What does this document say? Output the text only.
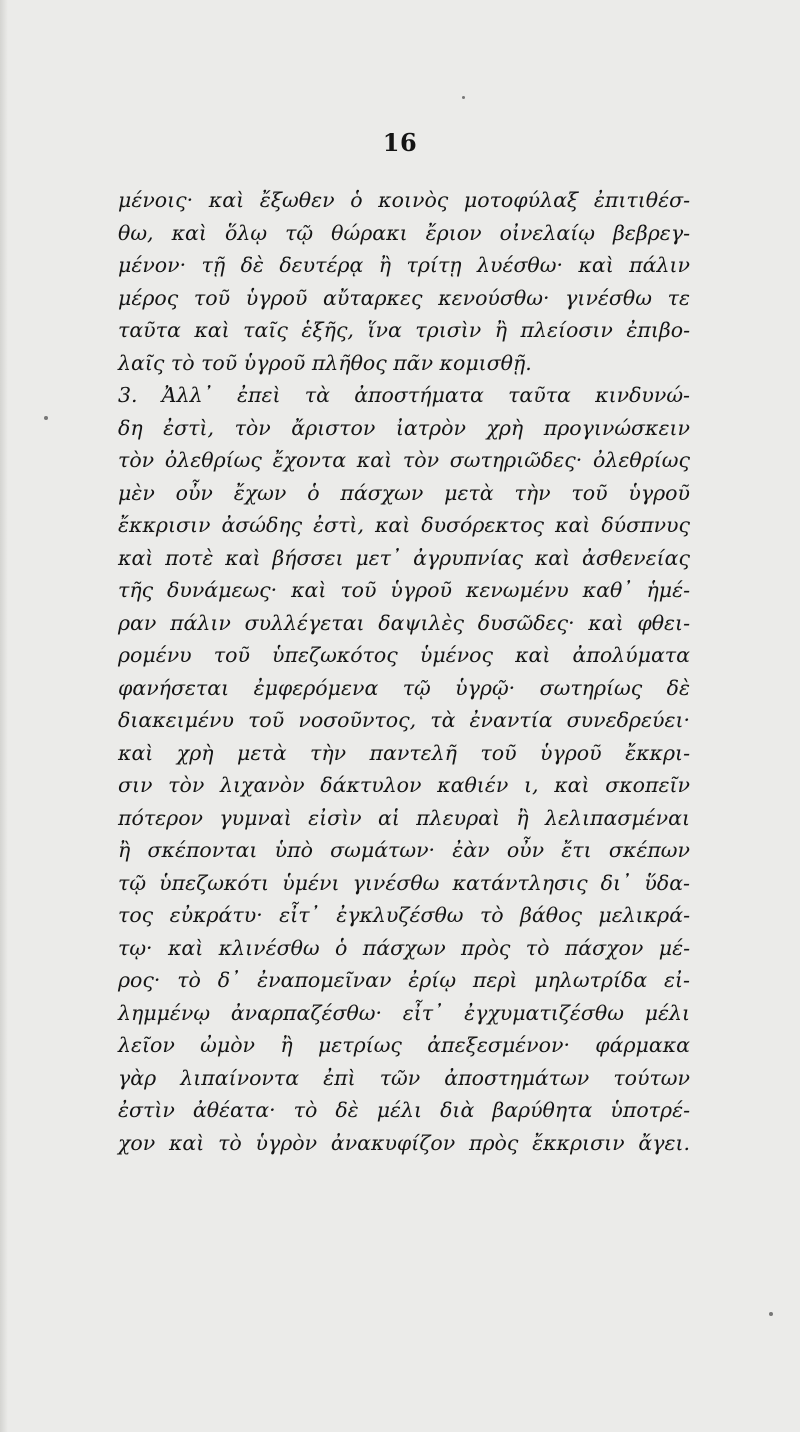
16
μένοις· καὶ ἔξωθεν ὁ κοινὸς μοτοφύλαξ ἐπιτιθέσ-
θω, καὶ ὅλῳ τῷ θώρακι ἔριον οἰνελαίῳ βεβρεγ-
μένον· τῇ δὲ δευτέρᾳ ἢ τρίτῃ λυέσθω· καὶ πάλιν
μέρος τοῦ ὑγροῦ αὔταρκες κενούσθω· γινέσθω τε
ταῦτα καὶ ταῖς ἑξῆς, ἵνα τρισὶν ἢ πλείοσιν ἐπιβο-
λαῖς τὸ τοῦ ὑγροῦ πλῆθος πᾶν κομισθῇ.
3. Ἀλλ᾽ ἐπεὶ τὰ ἀποστήματα ταῦτα κινδυνώ-
δη ἐστὶ, τὸν ἄριστον ἰατρὸν χρὴ προγινώσκειν
τὸν ὀλεθρίως ἔχοντα καὶ τὸν σωτηριῶδες· ὀλεθρίως
μὲν οὖν ἔχων ὁ πάσχων μετὰ τὴν τοῦ ὑγροῦ
ἔκκρισιν ἀσώδης ἐστὶ, καὶ δυσόρεκτος καὶ δύσπνυς
καὶ ποτὲ καὶ βήσσει μετ᾽ ἀγρυπνίας καὶ ἀσθενείας
τῆς δυνάμεως· καὶ τοῦ ὑγροῦ κενωμένυ καθ᾽ ἡμέ-
ραν πάλιν συλλέγεται δαψιλὲς δυσῶδες· καὶ φθει-
ρομένυ τοῦ ὑπεζωκότος ὑμένος καὶ ἀπολύματα
φανήσεται ἐμφερόμενα τῷ ὑγρῷ· σωτηρίως δὲ
διακειμένυ τοῦ νοσοῦντος, τὰ ἐναντία συνεδρεύει·
καὶ χρὴ μετὰ τὴν παντελῆ τοῦ ὑγροῦ ἔκκρι-
σιν τὸν λιχανὸν δάκτυλον καθιέν ι, καὶ σκοπεῖν
πότερον γυμναὶ εἰσὶν αἱ πλευραὶ ἢ λελιπασμέναι
ἢ σκέπονται ὑπὸ σωμάτων· ἐὰν οὖν ἔτι σκέπων
τῷ ὑπεζωκότι ὑμένι γινέσθω κατάντλησις δι᾽ ὕδα-
τος εὐκράτυ· εἶτ᾽ ἐγκλυζέσθω τὸ βάθος μελικρά-
τῳ· καὶ κλινέσθω ὁ πάσχων πρὸς τὸ πάσχον μέ-
ρος· τὸ δ᾽ ἐναπομεῖναν ἐρίῳ περὶ μηλωτρίδα εἰ-
λημμένῳ ἀναρπαζέσθω· εἶτ᾽ ἐγχυματιζέσθω μέλι
λεῖον ὠμὸν ἢ μετρίως ἀπεξεσμένον· φάρμακα
γὰρ λιπαίνοντα ἐπὶ τῶν ἀποστημάτων τούτων
ἐστὶν ἀθέατα· τὸ δὲ μέλι διὰ βαρύθητα ὑποτρέ-
χον καὶ τὸ ὑγρὸν ἀνακυφίζον πρὸς ἔκκρισιν ἄγει.
